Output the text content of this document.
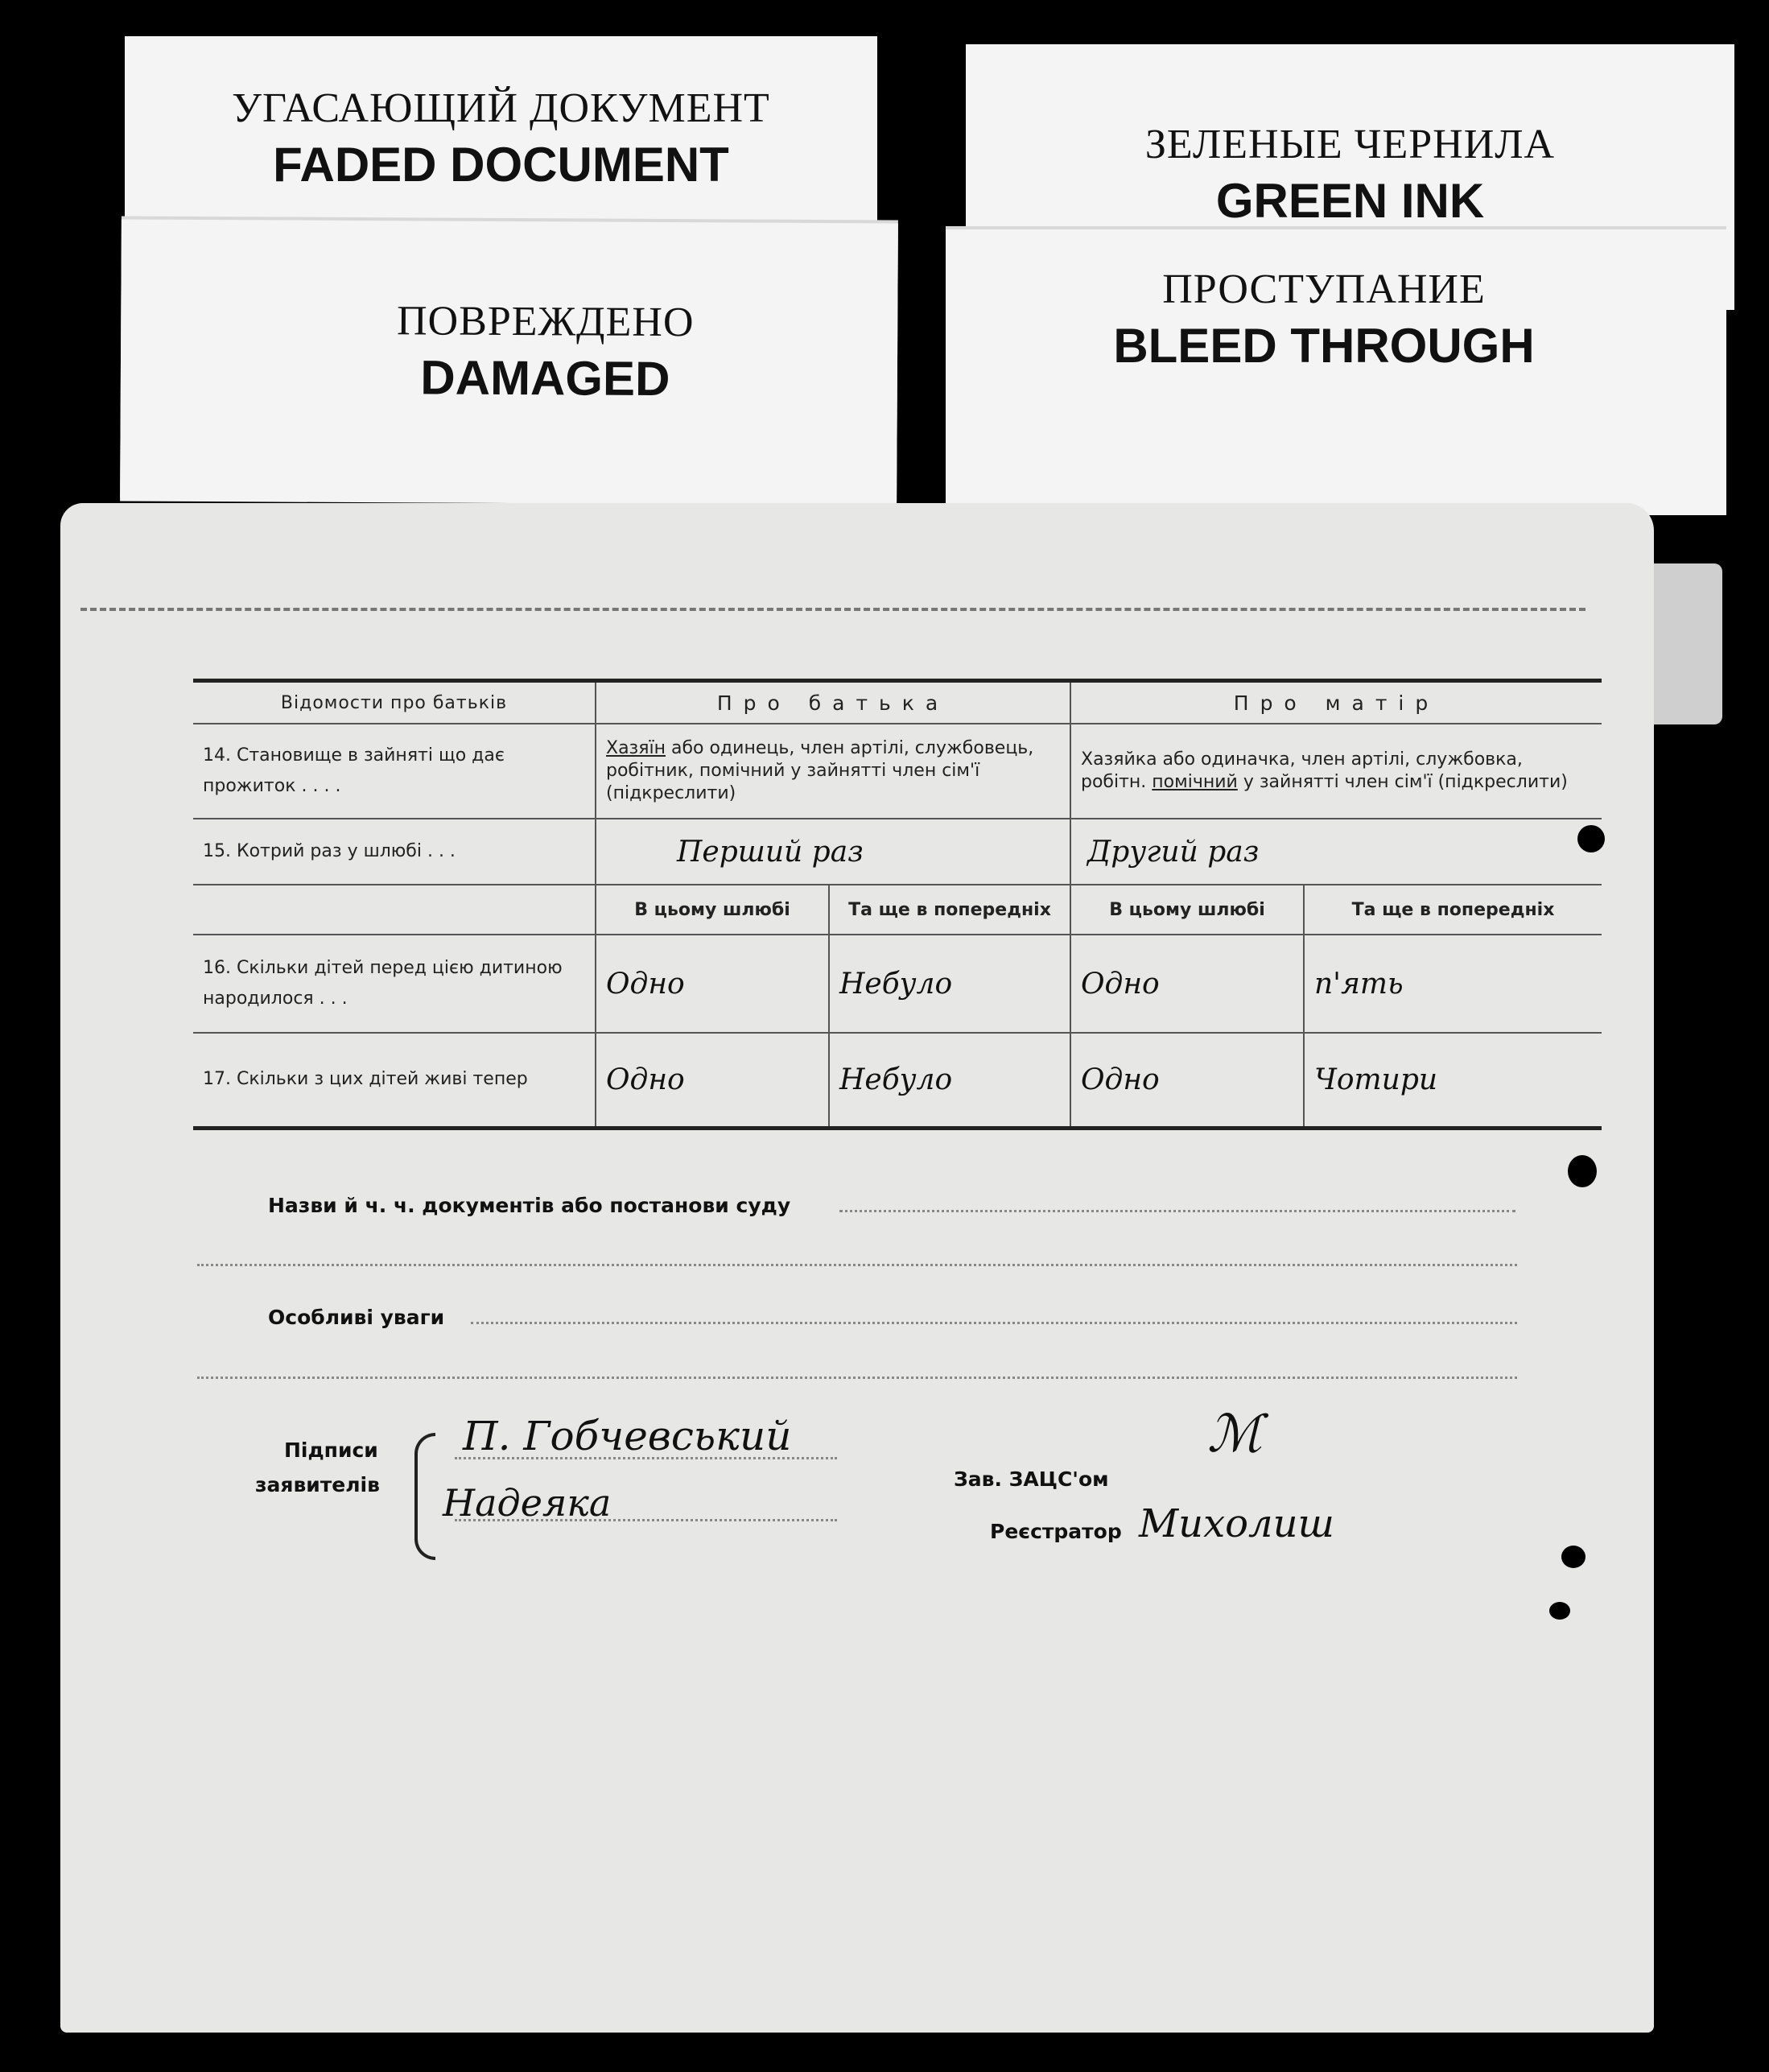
УГАСАЮЩИЙ ДОКУМЕНТ
FADED DOCUMENT	ЗЕЛЕНЫЕ ЧЕРНИЛА
GREEN INK
ПОВРЕЖДЕНО
DAMAGED
ПРОСТУПАНИЕ
BLEED THROUGH
Відомости про батьків	Про батька		Про матір	
14. Становище в зайняті що дає прожиток . . . .	Хазяїн або одинець, член артілі, службовець, робітник, помічний у зайнятті член сім'ї (підкреслити)		Хазяйка або одиначка, член артілі, службовка, робітн. помічний у зайнятті член сім'ї (підкреслити)	
15. Котрий раз у шлюбі . . .	Перший раз		Другий раз	
	В цьому шлюбі	Та ще в попередніх	В цьому шлюбі	Та ще в попередніх
16. Скільки дітей перед цією дитиною народилося . . .	Одно	Небуло	Одно	п'ять
17. Скільки з цих дітей живі тепер	Одно	Небуло	Одно	Чотири
Назви й ч. ч. документів або постанови суду
Особливі уваги
Підписи
заявителів
П. Гобчевський
Надеяка
Зав. ЗАЦС'ом
ℳ
Реєстратор Михолиш
